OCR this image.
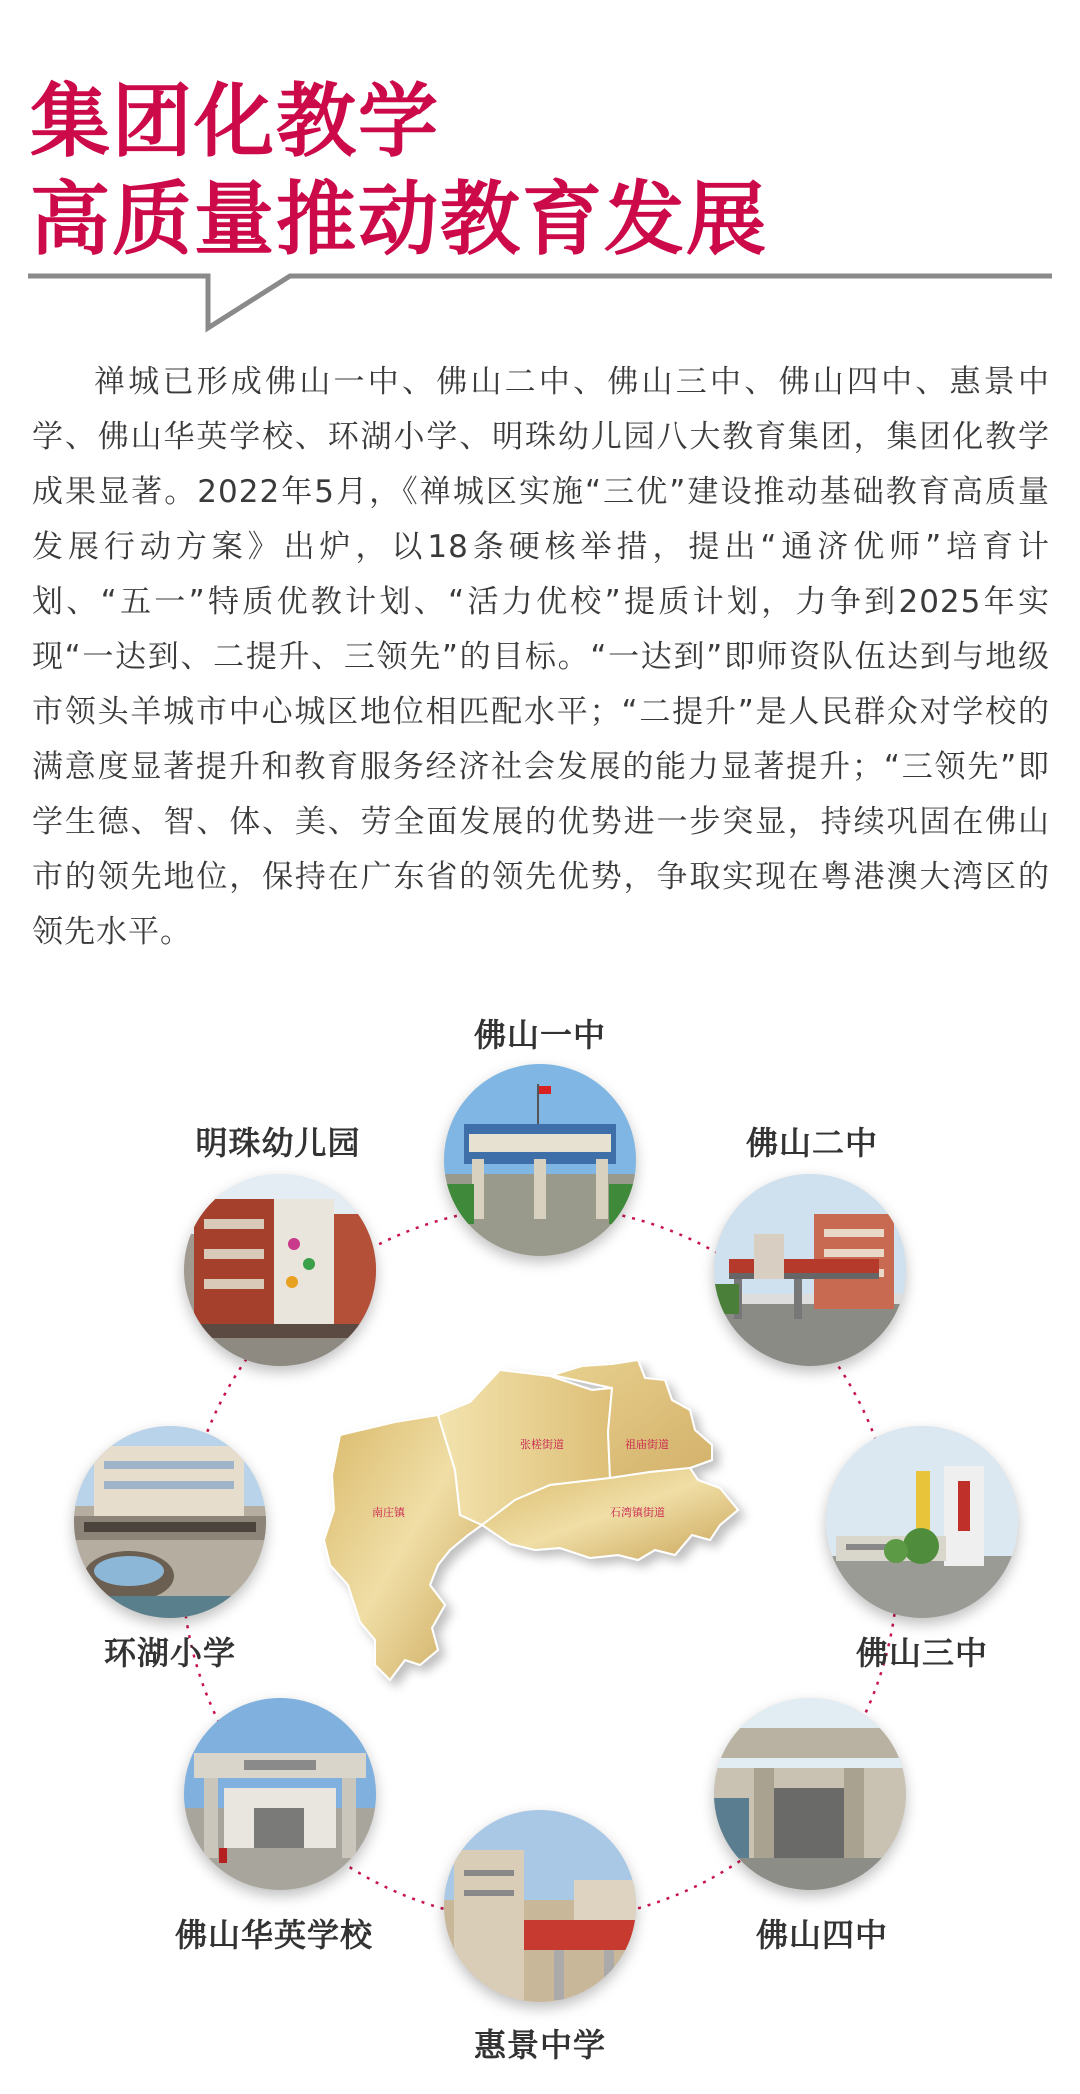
集团化教学
高质量推动教育发展
禅城已形成佛山一中、佛山二中、佛山三中、佛山四中、惠景中学、佛山华英学校、环湖小学、明珠幼儿园八大教育集团，集团化教学成果显著。2022年5月，《禅城区实施“三优”建设推动基础教育高质量发展行动方案》出炉，以18条硬核举措，提出“通济优师”培育计划、“五一”特质优教计划、“活力优校”提质计划，力争到2025年实现“一达到、二提升、三领先”的目标。“一达到”即师资队伍达到与地级市领头羊城市中心城区地位相匹配水平；“二提升”是人民群众对学校的满意度显著提升和教育服务经济社会发展的能力显著提升；“三领先”即学生德、智、体、美、劳全面发展的优势进一步突显，持续巩固在佛山市的领先地位，保持在广东省的领先优势，争取实现在粤港澳大湾区的领先水平。
南庄镇
张槎街道	祖庙街道
石湾镇街道
佛山一中
佛山二中
佛山三中
佛山四中
惠景中学
佛山华英学校
环湖小学
明珠幼儿园
